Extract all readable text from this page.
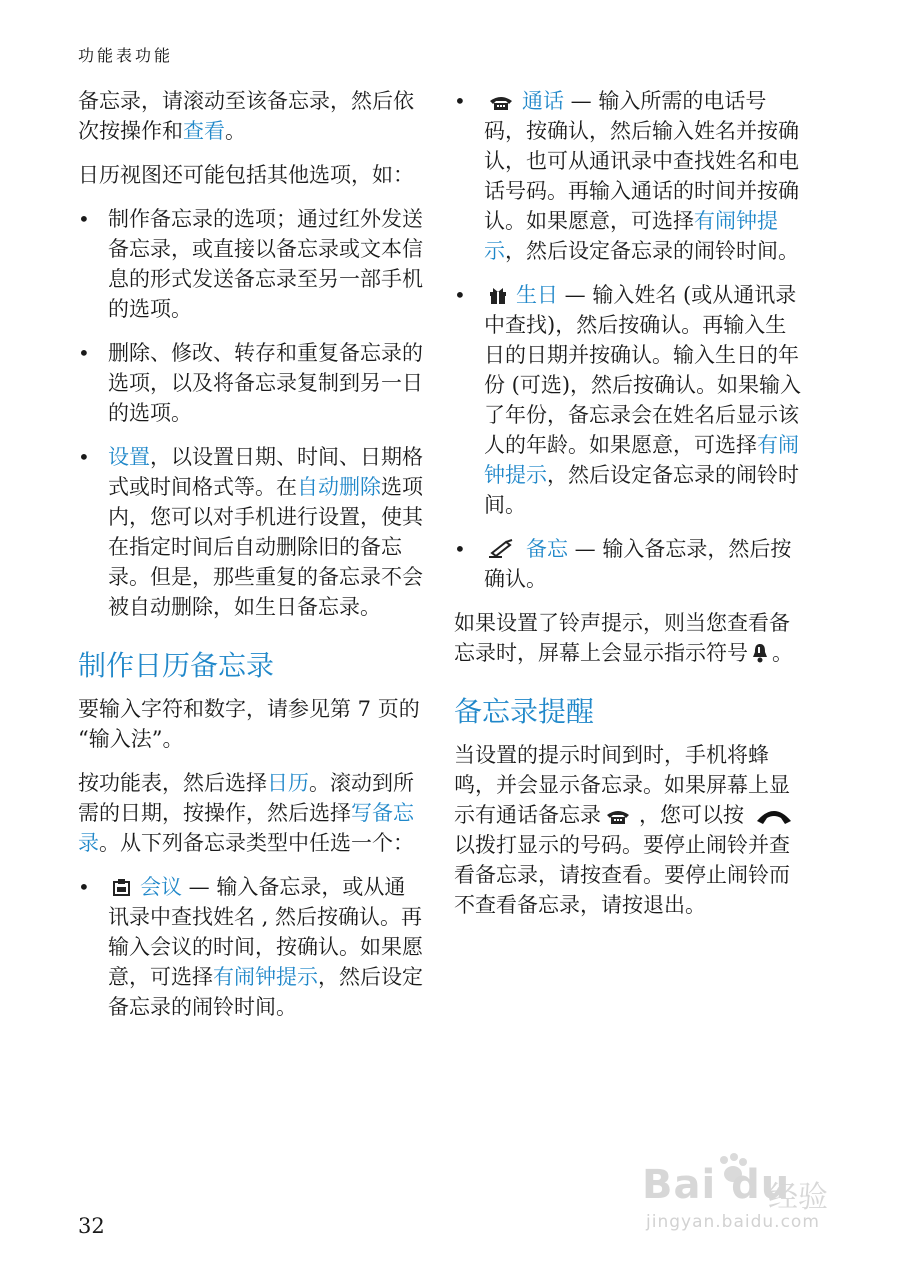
功能表功能

备忘录，请滚动至该备忘录，然后依次按操作和查看。

日历视图还可能包括其他选项，如：

• 制作备忘录的选项；通过红外发送备忘录，或直接以备忘录或文本信息的形式发送备忘录至另一部手机的选项。
• 删除、修改、转存和重复备忘录的选项，以及将备忘录复制到另一日的选项。
• 设置，以设置日期、时间、日期格式或时间格式等。在自动删除选项内，您可以对手机进行设置，使其在指定时间后自动删除旧的备忘录。但是，那些重复的备忘录不会被自动删除，如生日备忘录。
制作日历备忘录

要输入字符和数字，请参见第 7 页的 “输入法”。

按功能表，然后选择日历。滚动到所需的日期，按操作，然后选择写备忘录。从下列备忘录类型中任选一个：

• 会议 — 输入备忘录，或从通讯录中查找姓名 , 然后按确认。再输入会议的时间，按确认。如果愿意，可选择有闹钟提示，然后设定备忘录的闹铃时间。
•	通话 — 输入所需的电话号码，按确认，然后输入姓名并按确认，也可从通讯录中查找姓名和电话号码。再输入通话的时间并按确认。如果愿意，可选择有闹钟提示，然后设定备忘录的闹铃时间。
• 生日 — 输入姓名 (或从通讯录中查找)，然后按确认。再输入生日的日期并按确认。输入生日的年份 (可选)，然后按确认。如果输入了年份，备忘录会在姓名后显示该人的年龄。如果愿意，可选择有闹钟提示，然后设定备忘录的闹铃时间。
•	备忘 — 输入备忘录，然后按确认。

如果设置了铃声提示，则当您查看备忘录时，屏幕上会显示指示符号 。

备忘录提醒

当设置的提示时间到时，手机将蜂鸣，并会显示备忘录。如果屏幕上显示有通话备忘录 ，您可以按
以拨打显示的号码。要停止闹铃并查看备忘录，请按查看。要停止闹铃而不查看备忘录，请按退出。

32
Bai du
经验
jingyan.baidu.com
